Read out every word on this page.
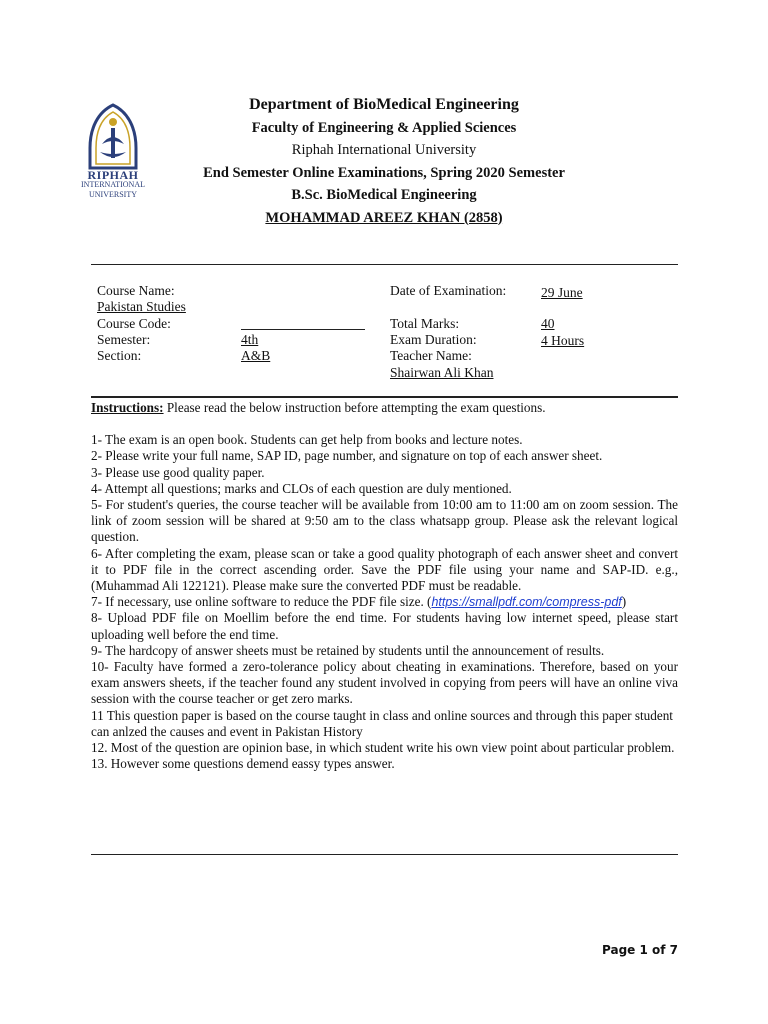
RIPHAH
INTERNATIONAL
UNIVERSITY
Department of BioMedical Engineering
Faculty of Engineering & Applied Sciences
Riphah International University
End Semester Online Examinations, Spring 2020 Semester
B.Sc. BioMedical Engineering
MOHAMMAD AREEZ KHAN (2858)
Course Name:
Pakistan Studies
Course Code:
Semester:	4th
Section:	A&B
Date of Examination:	29 June
Total Marks:	40
Exam Duration:	4 Hours
Teacher Name:
Shairwan Ali Khan

Instructions: Please read the below instruction before attempting the exam questions.

1- The exam is an open book. Students can get help from books and lecture notes.

2- Please write your full name, SAP ID, page number, and signature on top of each answer sheet.

3- Please use good quality paper.

4- Attempt all questions; marks and CLOs of each question are duly mentioned.

5- For student's queries, the course teacher will be available from 10:00 am to 11:00 am on zoom session. The link of zoom session will be shared at 9:50 am to the class whatsapp group. Please ask the relevant logical question.

6- After completing the exam, please scan or take a good quality photograph of each answer sheet and convert it to PDF file in the correct ascending order. Save the PDF file using your name and SAP-ID. e.g., (Muhammad Ali 122121). Please make sure the converted PDF must be readable.

7- If necessary, use online software to reduce the PDF file size. (https://smallpdf.com/compress-pdf)

8- Upload PDF file on Moellim before the end time. For students having low internet speed, please start uploading well before the end time.

9- The hardcopy of answer sheets must be retained by students until the announcement of results.

10- Faculty have formed a zero-tolerance policy about cheating in examinations. Therefore, based on your exam answers sheets, if the teacher found any student involved in copying from peers will have an online viva session with the course teacher or get zero marks.

11 This question paper is based on the course taught in class and online sources and through this paper student can anlzed the causes and event in Pakistan History

12. Most of the question are opinion base, in which student write his own view point about particular problem.

13. However some questions demend eassy types answer.

Page 1 of 7
